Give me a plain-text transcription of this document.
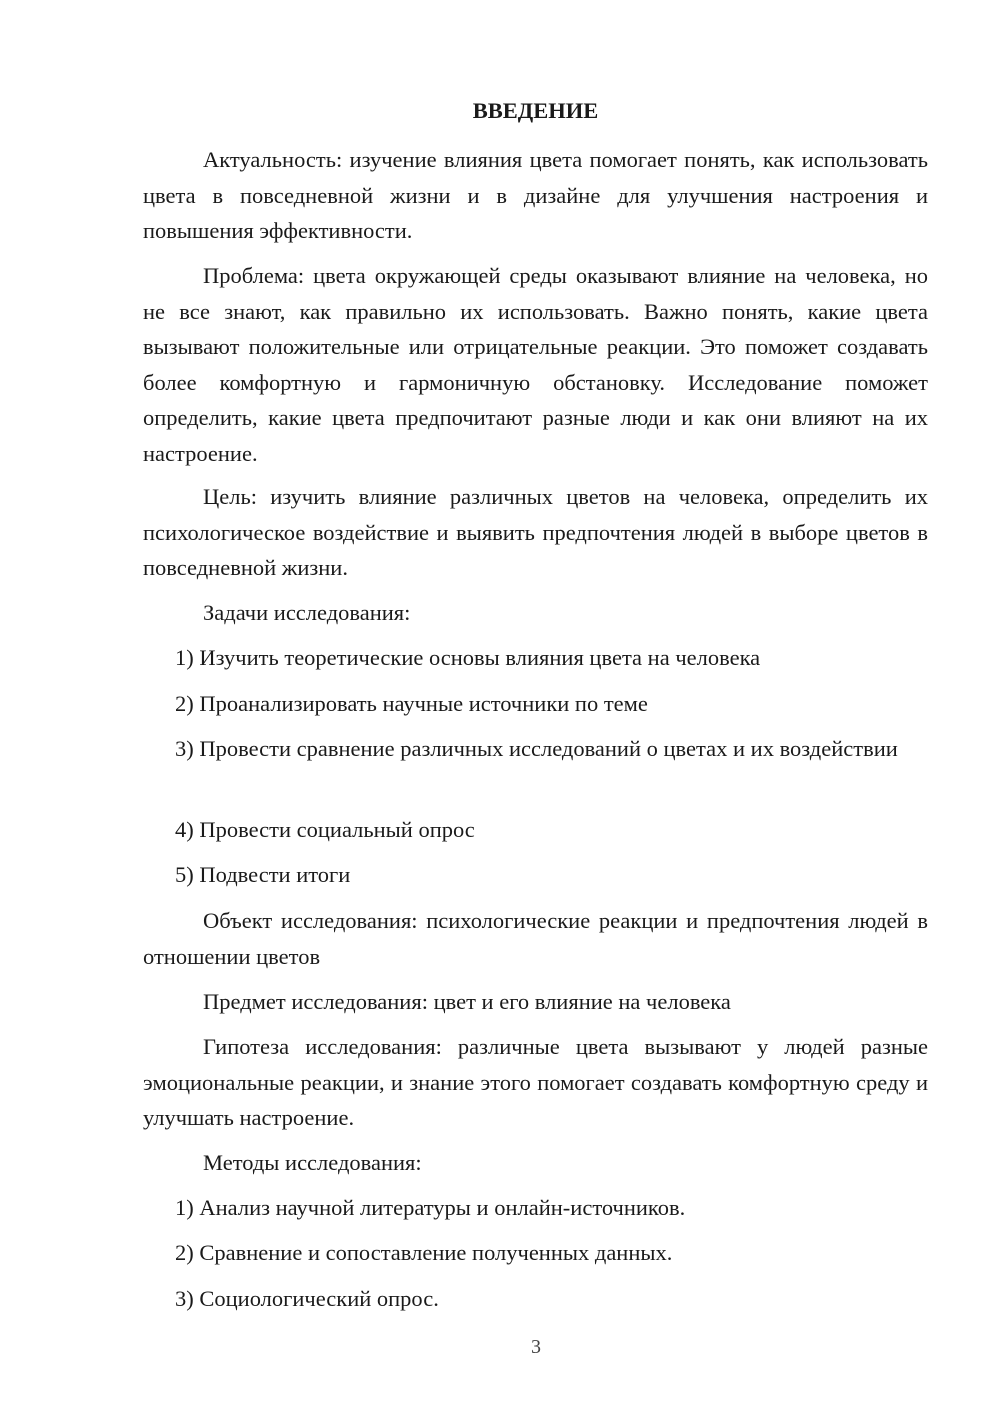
ВВЕДЕНИЕ

Актуальность: изучение влияния цвета помогает понять, как использовать цвета в повседневной жизни и в дизайне для улучшения настроения и повышения эффективности.

Проблема: цвета окружающей среды оказывают влияние на человека, но не все знают, как правильно их использовать. Важно понять, какие цвета вызывают положительные или отрицательные реакции. Это поможет создавать более комфортную и гармоничную обстановку. Исследование поможет определить, какие цвета предпочитают разные люди и как они влияют на их настроение.

Цель: изучить влияние различных цветов на человека, определить их психологическое воздействие и выявить предпочтения людей в выборе цветов в повседневной жизни.

Задачи исследования:

1) Изучить теоретические основы влияния цвета на человека

2) Проанализировать научные источники по теме

3) Провести сравнение различных исследований о цветах и их воздействии

4) Провести социальный опрос

5) Подвести итоги

Объект исследования: психологические реакции и предпочтения людей в отношении цветов

Предмет исследования: цвет и его влияние на человека

Гипотеза исследования: различные цвета вызывают у людей разные эмоциональные реакции, и знание этого помогает создавать комфортную среду и улучшать настроение.

Методы исследования:

1) Анализ научной литературы и онлайн-источников.

2) Сравнение и сопоставление полученных данных.

3) Социологический опрос.

3
